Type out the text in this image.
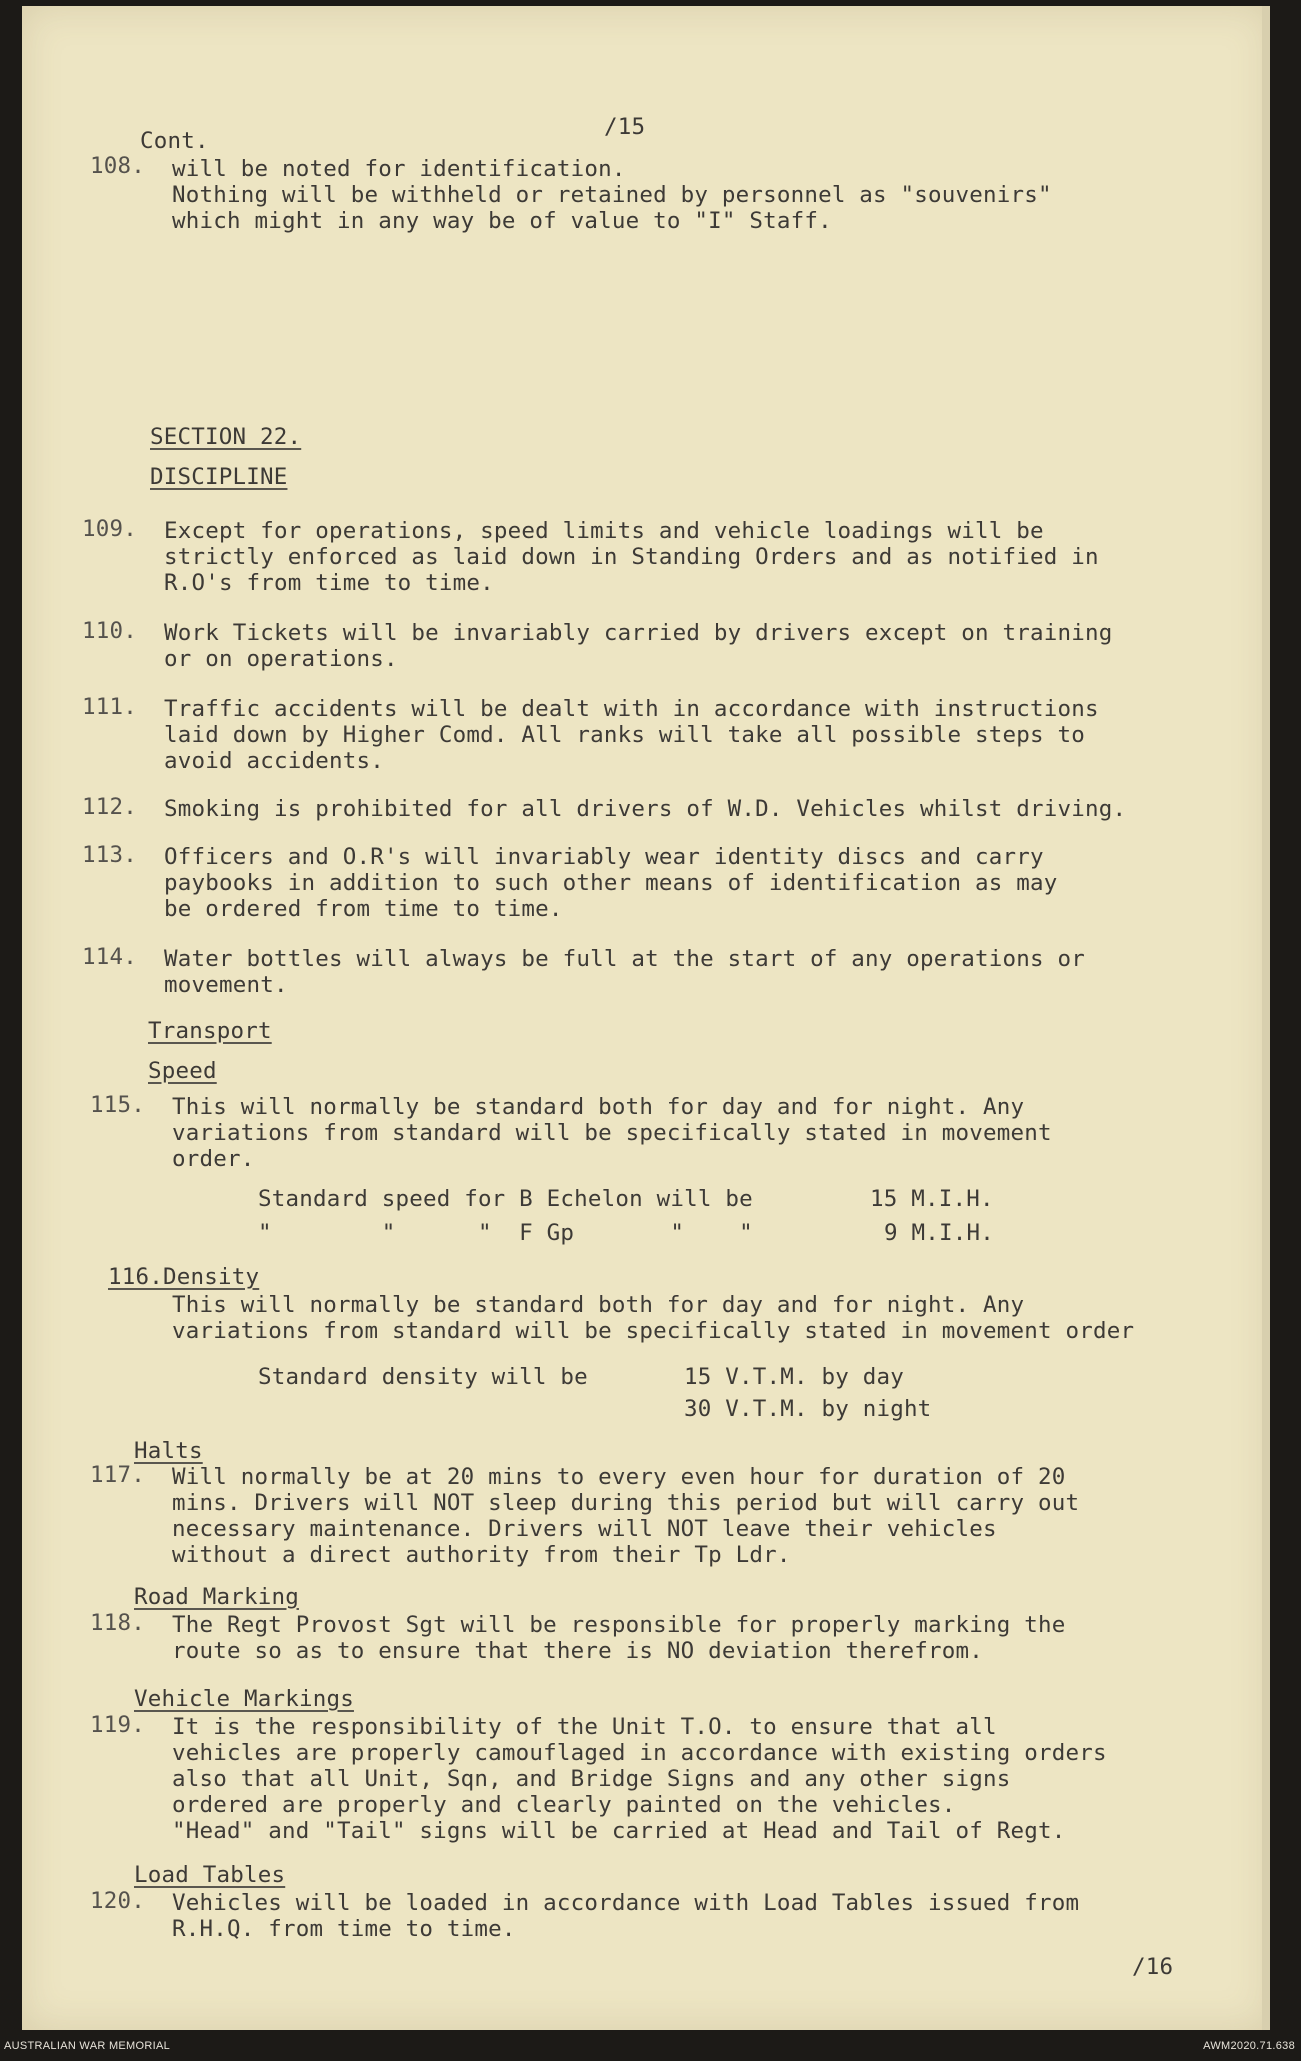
/15
Cont.
108. will be noted for identification.
Nothing will be withheld or retained by personnel as "souvenirs"
which might in any way be of value to "I" Staff.
SECTION 22.
DISCIPLINE
109. Except for operations, speed limits and vehicle loadings will be
strictly enforced as laid down in Standing Orders and as notified in
R.O's from time to time.
110. Work Tickets will be invariably carried by drivers except on training
or on operations.
111. Traffic accidents will be dealt with in accordance with instructions
laid down by Higher Comd. All ranks will take all possible steps to
avoid accidents.
112. Smoking is prohibited for all drivers of W.D. Vehicles whilst driving.
113. Officers and O.R's will invariably wear identity discs and carry
paybooks in addition to such other means of identification as may
be ordered from time to time.
114. Water bottles will always be full at the start of any operations or
movement.
Transport
Speed
115. This will normally be standard both for day and for night. Any
variations from standard will be specifically stated in movement
order.
Standard speed for B Echelon will be	15 M.I.H.
"        "      "  F Gp       "    "	9 M.I.H.
116.Density
This will normally be standard both for day and for night. Any
variations from standard will be specifically stated in movement order
Standard density will be	15 V.T.M. by day
30 V.T.M. by night
Halts
117. Will normally be at 20 mins to every even hour for duration of 20
mins. Drivers will NOT sleep during this period but will carry out
necessary maintenance. Drivers will NOT leave their vehicles
without a direct authority from their Tp Ldr.
Road Marking
118. The Regt Provost Sgt will be responsible for properly marking the
route so as to ensure that there is NO deviation therefrom.
Vehicle Markings
119. It is the responsibility of the Unit T.O. to ensure that all
vehicles are properly camouflaged in accordance with existing orders
also that all Unit, Sqn, and Bridge Signs and any other signs
ordered are properly and clearly painted on the vehicles.
"Head" and "Tail" signs will be carried at Head and Tail of Regt.
Load Tables
120. Vehicles will be loaded in accordance with Load Tables issued from
R.H.Q. from time to time.
/16
AUSTRALIAN WAR MEMORIAL	AWM2020.71.638
